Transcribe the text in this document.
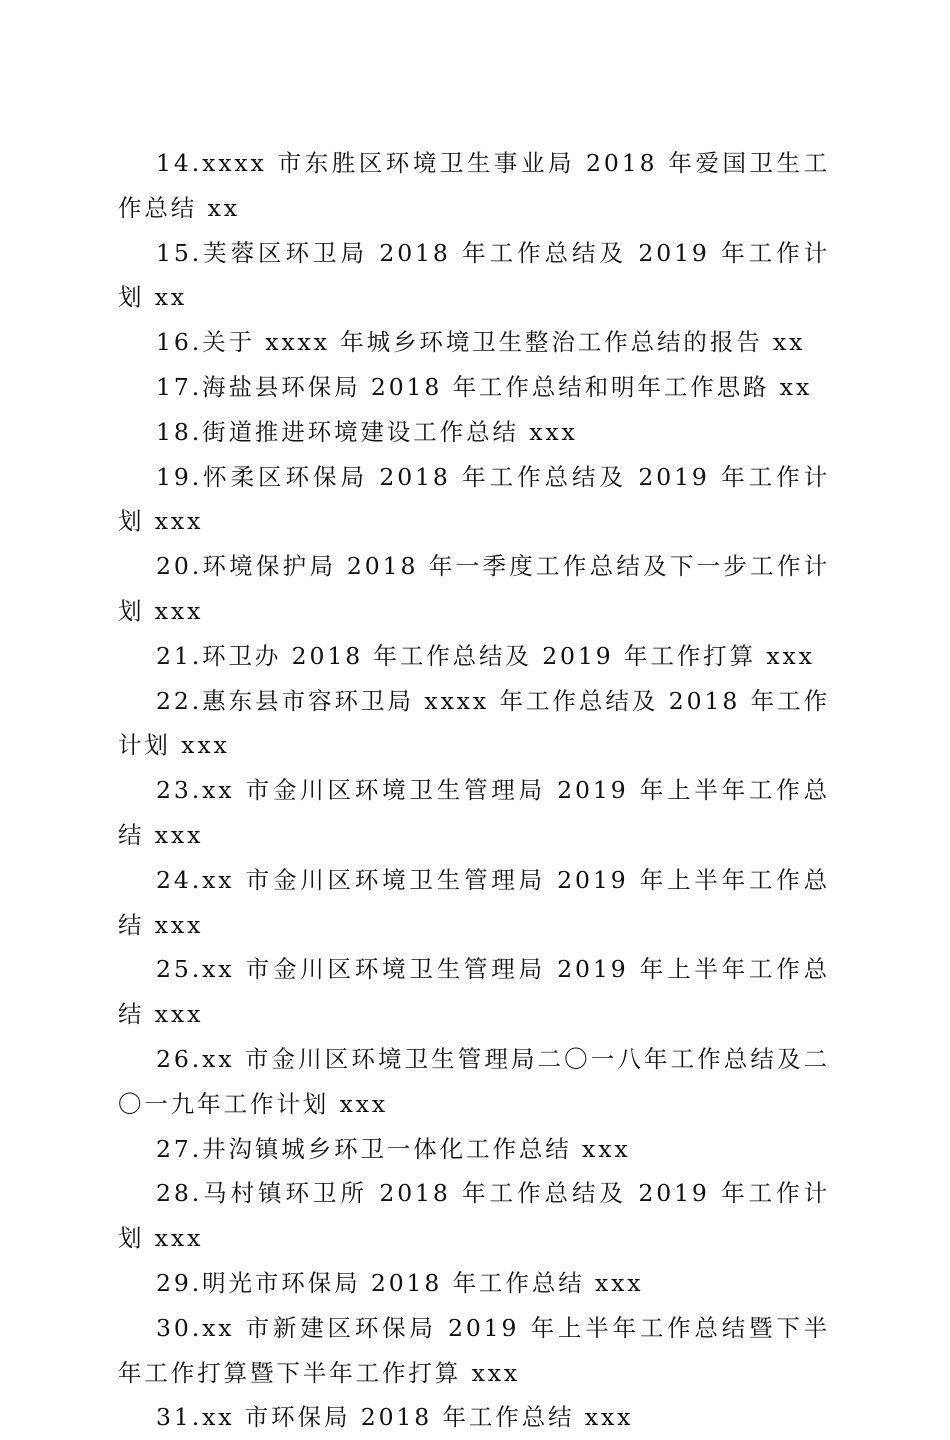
14.xxxx 市东胜区环境卫生事业局 2018 年爱国卫生工作总结 xx

15.芙蓉区环卫局 2018 年工作总结及 2019 年工作计划 xx

16.关于 xxxx 年城乡环境卫生整治工作总结的报告 xx

17.海盐县环保局 2018 年工作总结和明年工作思路 xx

18.街道推进环境建设工作总结 xxx

19.怀柔区环保局 2018 年工作总结及 2019 年工作计划 xxx

20.环境保护局 2018 年一季度工作总结及下一步工作计划 xxx

21.环卫办 2018 年工作总结及 2019 年工作打算 xxx

22.惠东县市容环卫局 xxxx 年工作总结及 2018 年工作计划 xxx

23.xx 市金川区环境卫生管理局 2019 年上半年工作总结 xxx

24.xx 市金川区环境卫生管理局 2019 年上半年工作总结 xxx

25.xx 市金川区环境卫生管理局 2019 年上半年工作总结 xxx

26.xx 市金川区环境卫生管理局二〇一八年工作总结及二〇一九年工作计划 xxx

27.井沟镇城乡环卫一体化工作总结 xxx

28.马村镇环卫所 2018 年工作总结及 2019 年工作计划 xxx

29.明光市环保局 2018 年工作总结 xxx

30.xx 市新建区环保局 2019 年上半年工作总结暨下半年工作打算暨下半年工作打算 xxx

31.xx 市环保局 2018 年工作总结 xxx
